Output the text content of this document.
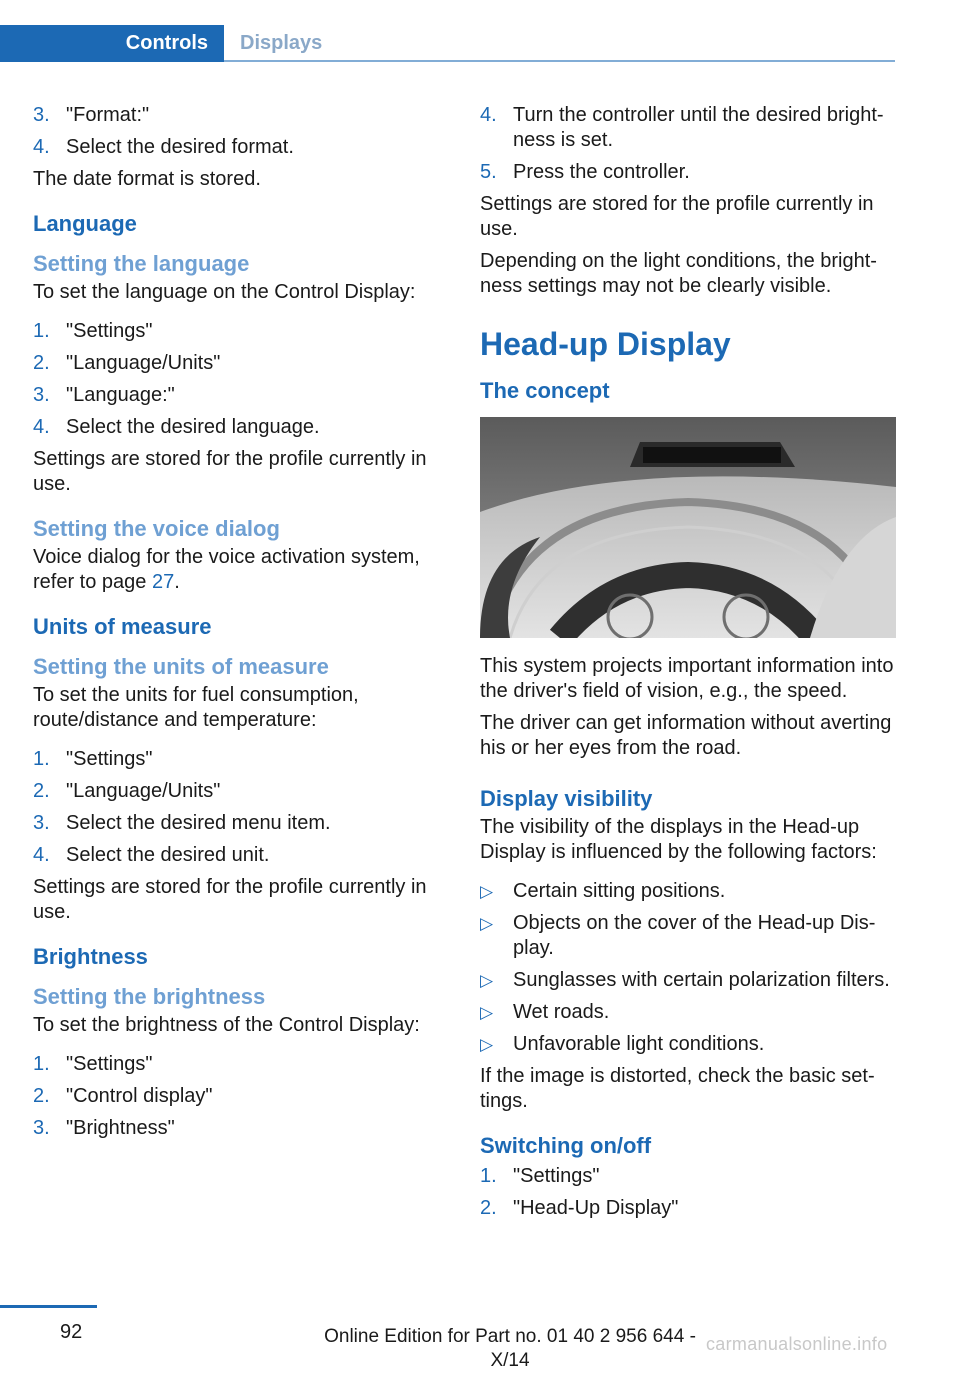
Controls	Displays
3. "Format:"
4. Select the desired format.

The date format is stored.

Language
Setting the language

To set the language on the Control Display:

1. "Settings"
2. "Language/Units"
3. "Language:"
4. Select the desired language.

Settings are stored for the profile currently in use.

Setting the voice dialog

Voice dialog for the voice activation system, refer to page 27.

Units of measure
Setting the units of measure

To set the units for fuel consumption, route/distance and temperature:

1. "Settings"
2. "Language/Units"
3. Select the desired menu item.
4. Select the desired unit.

Settings are stored for the profile currently in use.

Brightness
Setting the brightness

To set the brightness of the Control Display:

1. "Settings"
2. "Control display"
3. "Brightness"
4. Turn the controller until the desired bright-ness is set.
5. Press the controller.

Settings are stored for the profile currently in use.

Depending on the light conditions, the bright-ness settings may not be clearly visible.

Head-up Display
The concept

This system projects important information into the driver's field of vision, e.g., the speed.

The driver can get information without averting his or her eyes from the road.

Display visibility

The visibility of the displays in the Head-up Display is influenced by the following factors:

▷ Certain sitting positions.
▷ Objects on the cover of the Head-up Dis-play.
▷ Sunglasses with certain polarization filters.
▷ Wet roads.
▷ Unfavorable light conditions.

If the image is distorted, check the basic set-tings.

Switching on/off
1. "Settings"
2. "Head-Up Display"
92	Online Edition for Part no. 01 40 2 956 644 - X/14
carmanualsonline.info
